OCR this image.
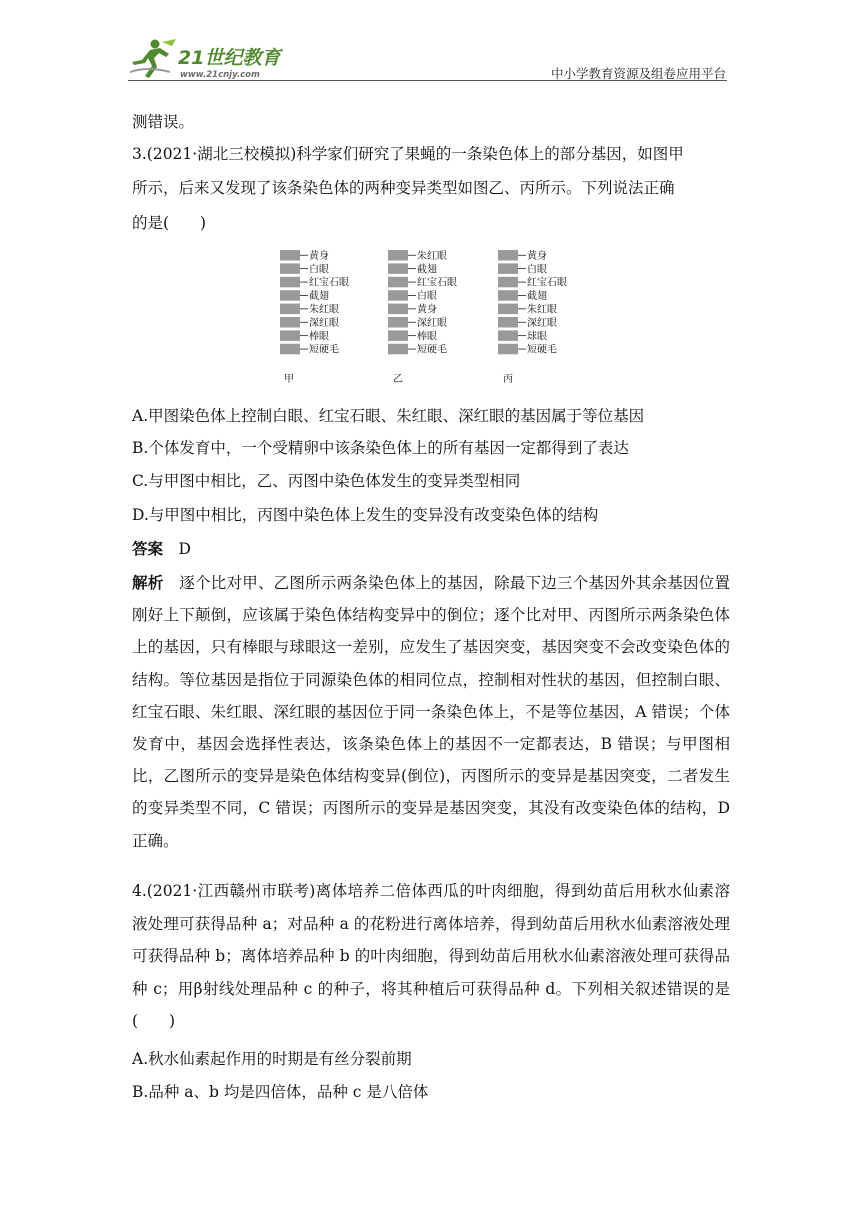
21世纪教育
www.21cnjy.com	中小学教育资源及组卷应用平台
测错误。
3.(2021·湖北三校模拟)科学家们研究了果蝇的一条染色体上的部分基因，如图甲
所示，后来又发现了该条染色体的两种变异类型如图乙、丙所示。下列说法正确
的是(　　)
黄身
白眼
红宝石眼
截翅
朱红眼
深红眼
棒眼
短硬毛
朱红眼
截翅
红宝石眼
白眼
黄身
深红眼
棒眼
短硬毛
黄身
白眼
红宝石眼
截翅
朱红眼
深红眼
球眼
短硬毛
甲	乙	丙
A.甲图染色体上控制白眼、红宝石眼、朱红眼、深红眼的基因属于等位基因
B.个体发育中，一个受精卵中该条染色体上的所有基因一定都得到了表达
C.与甲图中相比，乙、丙图中染色体发生的变异类型相同
D.与甲图中相比，丙图中染色体上发生的变异没有改变染色体的结构
答案　 D
解析　 逐个比对甲、乙图所示两条染色体上的基因，除最下边三个基因外其余基因位置刚好上下颠倒，应该属于染色体结构变异中的倒位；逐个比对甲、丙图所示两条染色体上的基因，只有棒眼与球眼这一差别，应发生了基因突变，基因突变不会改变染色体的结构。等位基因是指位于同源染色体的相同位点，控制相对性状的基因，但控制白眼、红宝石眼、朱红眼、深红眼的基因位于同一条染色体上，不是等位基因，A 错误；个体发育中，基因会选择性表达，该条染色体上的基因不一定都表达，B 错误；与甲图相比，乙图所示的变异是染色体结构变异(倒位)，丙图所示的变异是基因突变，二者发生的变异类型不同，C 错误；丙图所示的变异是基因突变，其没有改变染色体的结构，D 正确。
4.(2021·江西赣州市联考)离体培养二倍体西瓜的叶肉细胞，得到幼苗后用秋水仙素溶液处理可获得品种 a；对品种 a 的花粉进行离体培养，得到幼苗后用秋水仙素溶液处理可获得品种 b；离体培养品种 b 的叶肉细胞，得到幼苗后用秋水仙素溶液处理可获得品种 c；用β射线处理品种 c 的种子，将其种植后可获得品种 d。下列相关叙述错误的是(　　)
A.秋水仙素起作用的时期是有丝分裂前期
B.品种 a、b 均是四倍体，品种 c 是八倍体
